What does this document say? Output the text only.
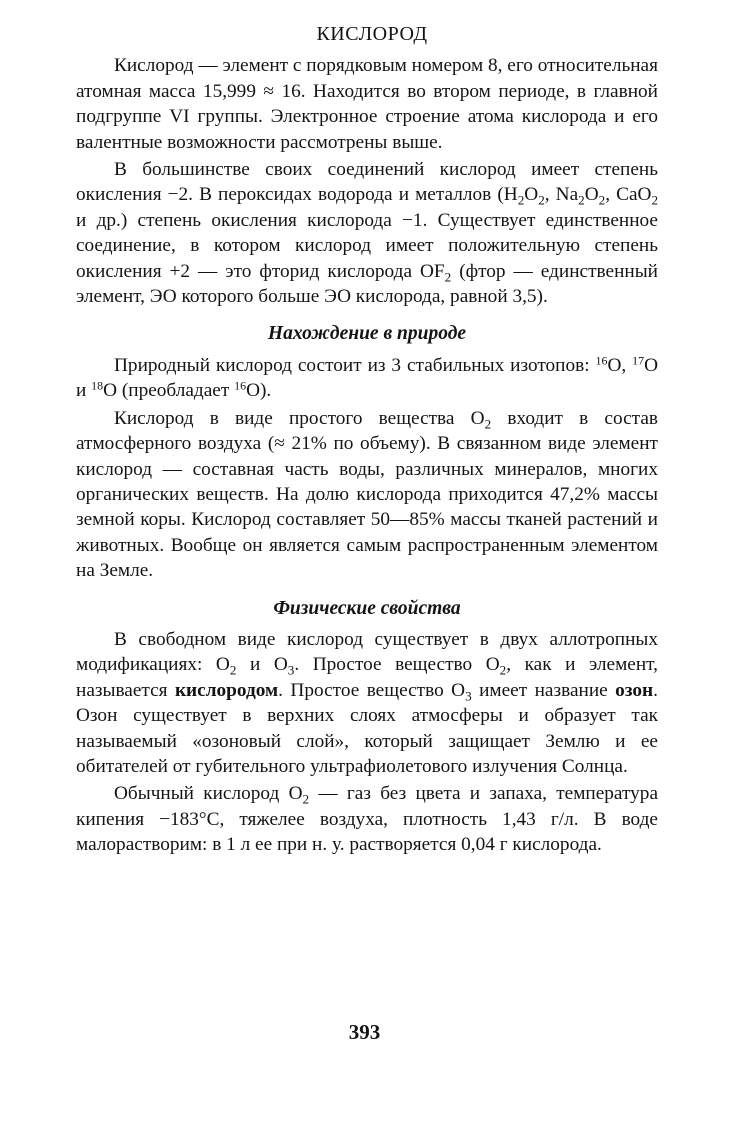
КИСЛОРОД

Кислород — элемент с порядковым номером 8, его относительная атомная масса 15,999 ≈ 16. Находится во втором периоде, в главной подгруппе VI группы. Электронное строение атома кислорода и его валентные возможности рассмотрены выше.

В большинстве своих соединений кислород имеет степень окисления −2. В пероксидах водорода и металлов ($H_2O_2$, $Na_2O_2$, CaO$_2$ и др.) степень окисления кислорода −1. Существует единственное соединение, в котором кислород имеет положительную степень окисления +2 — это фторид кислорода $OF_2$ (фтор — единственный элемент, ЭО которого больше ЭО кислорода, равной 3,5).

Нахождение в природе

Природный кислород состоит из 3 стабильных изотопов: $^{16}$O, $^{17}$O и $^{18}$O (преобладает $^{16}$O).

Кислород в виде простого вещества $O_2$ входит в состав атмосферного воздуха (≈ 21% по объему). В связанном виде элемент кислород — составная часть воды, различных минералов, многих органических веществ. На долю кислорода приходится 47,2% массы земной коры. Кислород составляет 50—85% массы тканей растений и животных. Вообще он является самым распространенным элементом на Земле.

Физические свойства

В свободном виде кислород существует в двух аллотропных модификациях: $O_2$ и $O_3$. Простое вещество $O_2$, как и элемент, называется кислородом. Простое вещество $O_3$ имеет название озон. Озон существует в верхних слоях атмосферы и образует так называемый «озоновый слой», который защищает Землю и ее обитателей от губительного ультрафиолетового излучения Солнца.

Обычный кислород $O_2$ — газ без цвета и запаха, температура кипения −183°С, тяжелее воздуха, плотность 1,43 г/л. В воде малорастворим: в 1 л ее при н. у. растворяется 0,04 г кислорода.

393
